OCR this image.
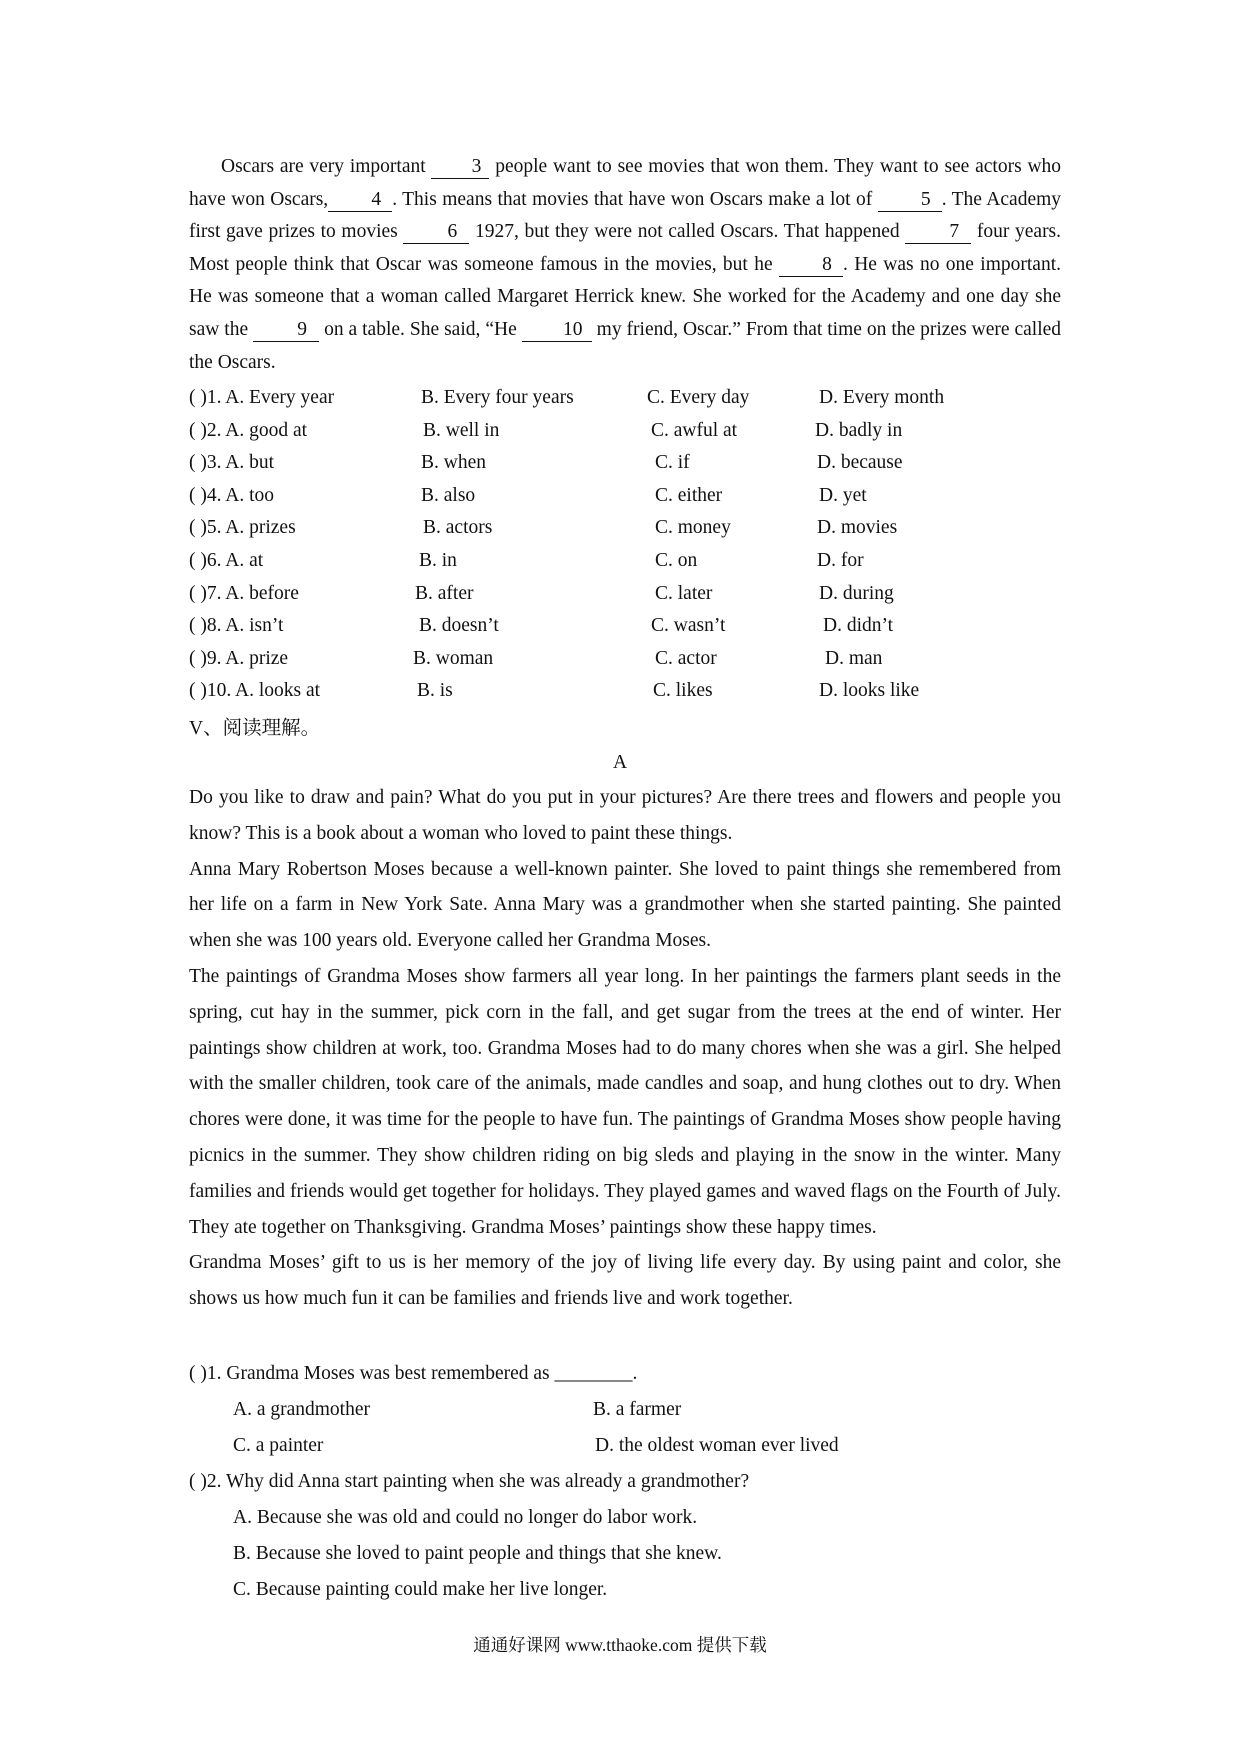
Oscars are very important 3 people want to see movies that won them. They want to see actors who have won Oscars, 4 . This means that movies that have won Oscars make a lot of 5 . The Academy first gave prizes to movies	6 1927, but they were not called Oscars. That happened	7 four years. Most people think that Oscar was someone famous in the movies, but he	8 . He was no one important. He was someone that a woman called Margaret Herrick knew. She worked for the Academy and one day she saw the	9 on a table. She said, “He 10 my friend, Oscar.” From that time on the prizes were called the Oscars.

( )1. A. Every year	B. Every four years	C. Every day	D. Every month
( )2. A. good at	B. well in	C. awful at	D. badly in
( )3. A. but	B. when	C. if	D. because
( )4. A. too	B. also	C. either	D. yet
( )5. A. prizes	B. actors	C. money	D. movies
( )6. A. at	B. in	C. on	D. for
( )7. A. before	B. after	C. later	D. during
( )8. A. isn’t	B. doesn’t	C. wasn’t	D. didn’t
( )9. A. prize	B. woman	C. actor	D. man
( )10. A. looks at	B. is	C. likes	D. looks like
V、阅读理解。
A

Do you like to draw and pain? What do you put in your pictures? Are there trees and flowers and people you know? This is a book about a woman who loved to paint these things.

Anna Mary Robertson Moses because a well-known painter. She loved to paint things she remembered from her life on a farm in New York Sate. Anna Mary was a grandmother when she started painting. She painted when she was 100 years old. Everyone called her Grandma Moses.

The paintings of Grandma Moses show farmers all year long. In her paintings the farmers plant seeds in the spring, cut hay in the summer, pick corn in the fall, and get sugar from the trees at the end of winter. Her paintings show children at work, too. Grandma Moses had to do many chores when she was a girl. She helped with the smaller children, took care of the animals, made candles and soap, and hung clothes out to dry. When chores were done, it was time for the people to have fun. The paintings of Grandma Moses show people having picnics in the summer. They show children riding on big sleds and playing in the snow in the winter. Many families and friends would get together for holidays. They played games and waved flags on the Fourth of July. They ate together on Thanksgiving. Grandma Moses’ paintings show these happy times.

Grandma Moses’ gift to us is her memory of the joy of living life every day. By using paint and color, she shows us how much fun it can be families and friends live and work together.

( )1. Grandma Moses was best remembered as ________.
A. a grandmother	B. a farmer
C. a painter	D. the oldest woman ever lived
( )2. Why did Anna start painting when she was already a grandmother?
A. Because she was old and could no longer do labor work.
B. Because she loved to paint people and things that she knew.
C. Because painting could make her live longer.
通通好课网 www.tthaoke.com 提供下载
